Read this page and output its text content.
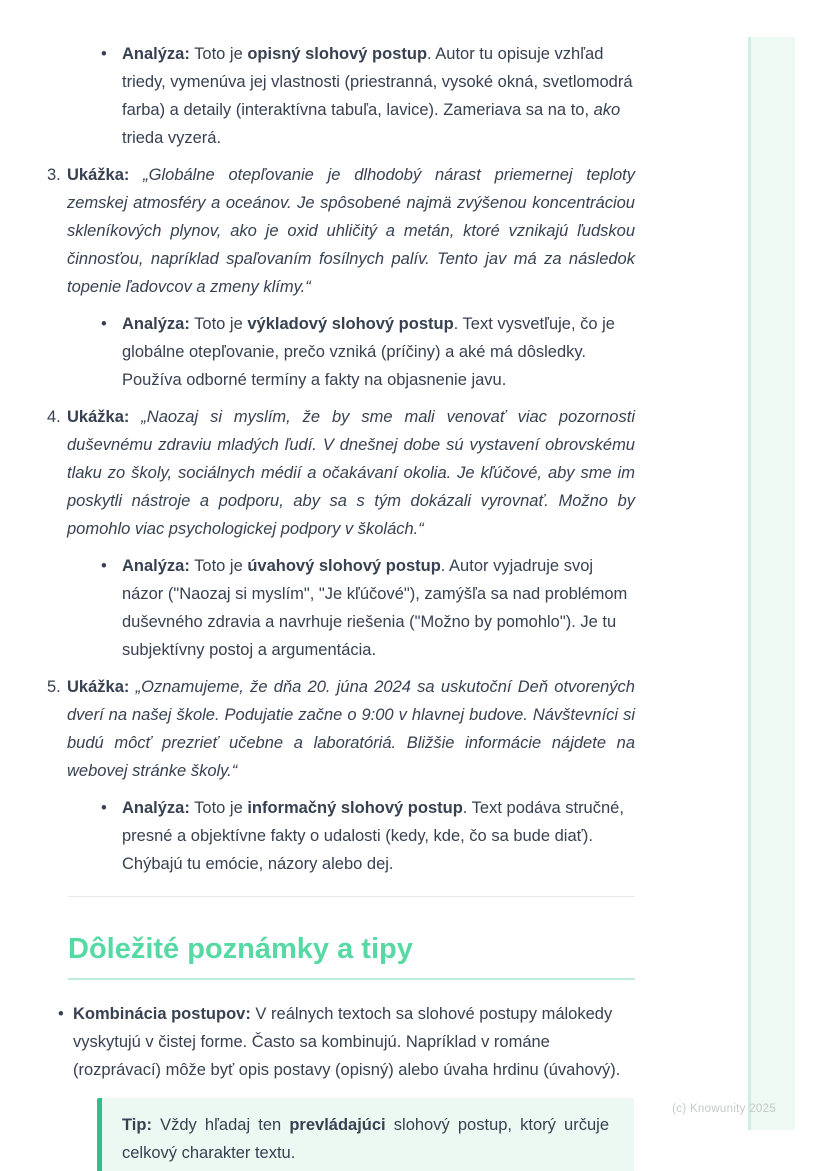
• Analýza: Toto je opisný slohový postup. Autor tu opisuje vzhľad triedy, vymenúva jej vlastnosti (priestranná, vysoké okná, svetlomodrá farba) a detaily (interaktívna tabuľa, lavice). Zameriava sa na to, ako trieda vyzerá.

3. Ukážka: „Globálne otepľovanie je dlhodobý nárast priemernej teploty zemskej atmosféry a oceánov. Je spôsobené najmä zvýšenou koncentráciou skleníkových plynov, ako je oxid uhličitý a metán, ktoré vznikajú ľudskou činnosťou, napríklad spaľovaním fosílnych palív. Tento jav má za následok topenie ľadovcov a zmeny klímy.“

• Analýza: Toto je výkladový slohový postup. Text vysvetľuje, čo je globálne otepľovanie, prečo vzniká (príčiny) a aké má dôsledky. Používa odborné termíny a fakty na objasnenie javu.

4. Ukážka: „Naozaj si myslím, že by sme mali venovať viac pozornosti duševnému zdraviu mladých ľudí. V dnešnej dobe sú vystavení obrovskému tlaku zo školy, sociálnych médií a očakávaní okolia. Je kľúčové, aby sme im poskytli nástroje a podporu, aby sa s tým dokázali vyrovnať. Možno by pomohlo viac psychologickej podpory v školách.“

• Analýza: Toto je úvahový slohový postup. Autor vyjadruje svoj názor ("Naozaj si myslím", "Je kľúčové"), zamýšľa sa nad problémom duševného zdravia a navrhuje riešenia ("Možno by pomohlo"). Je tu subjektívny postoj a argumentácia.

5. Ukážka: „Oznamujeme, že dňa 20. júna 2024 sa uskutoční Deň otvorených dverí na našej škole. Podujatie začne o 9:00 v hlavnej budove. Návštevníci si budú môcť prezrieť učebne a laboratóriá. Bližšie informácie nájdete na webovej stránke školy.“

• Analýza: Toto je informačný slohový postup. Text podáva stručné, presné a objektívne fakty o udalosti (kedy, kde, čo sa bude diať). Chýbajú tu emócie, názory alebo dej.

Dôležité poznámky a tipy
• Kombinácia postupov: V reálnych textoch sa slohové postupy málokedy vyskytujú v čistej forme. Často sa kombinujú. Napríklad v románe (rozprávací) môže byť opis postavy (opisný) alebo úvaha hrdinu (úvahový).

Tip: Vždy hľadaj ten prevládajúci slohový postup, ktorý určuje celkový charakter textu.

(c) Knowunity 2025
